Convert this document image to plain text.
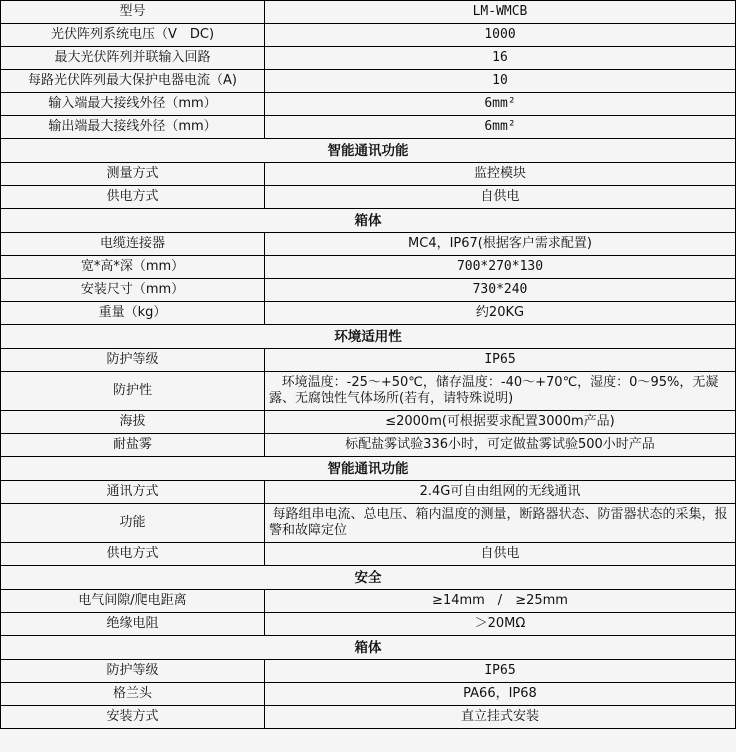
型号	LM-WMCB
光伏阵列系统电压（V　DC)	1000
最大光伏阵列并联输入回路	16
每路光伏阵列最大保护电器电流（A)	10
输入端最大接线外径（mm）	6mm²
输出端最大接线外径（mm）	6mm²
智能通讯功能	
测量方式	监控模块
供电方式	自供电
箱体	
电缆连接器	MC4，IP67(根据客户需求配置)
宽*高*深（mm）	700*270*130
安装尺寸（mm）	730*240
重量（kg）	约20KG
环境适用性	
防护等级	IP65
防护性	环境温度：-25～+50℃，储存温度：-40～+70℃，湿度：0～95%，无凝露、无腐蚀性气体场所(若有，请特殊说明)
海拔	≤2000m(可根据要求配置3000m产品)
耐盐雾	标配盐雾试验336小时，可定做盐雾试验500小时产品
智能通讯功能	
通讯方式	2.4G可自由组网的无线通讯
功能	每路组串电流、总电压、箱内温度的测量，断路器状态、防雷器状态的采集，报警和故障定位
供电方式	自供电
安全	
电气间隙/爬电距离	≥14mm　/　≥25mm
绝缘电阻	＞20MΩ
箱体	
防护等级	IP65
格兰头	PA66，IP68
安装方式	直立挂式安装
